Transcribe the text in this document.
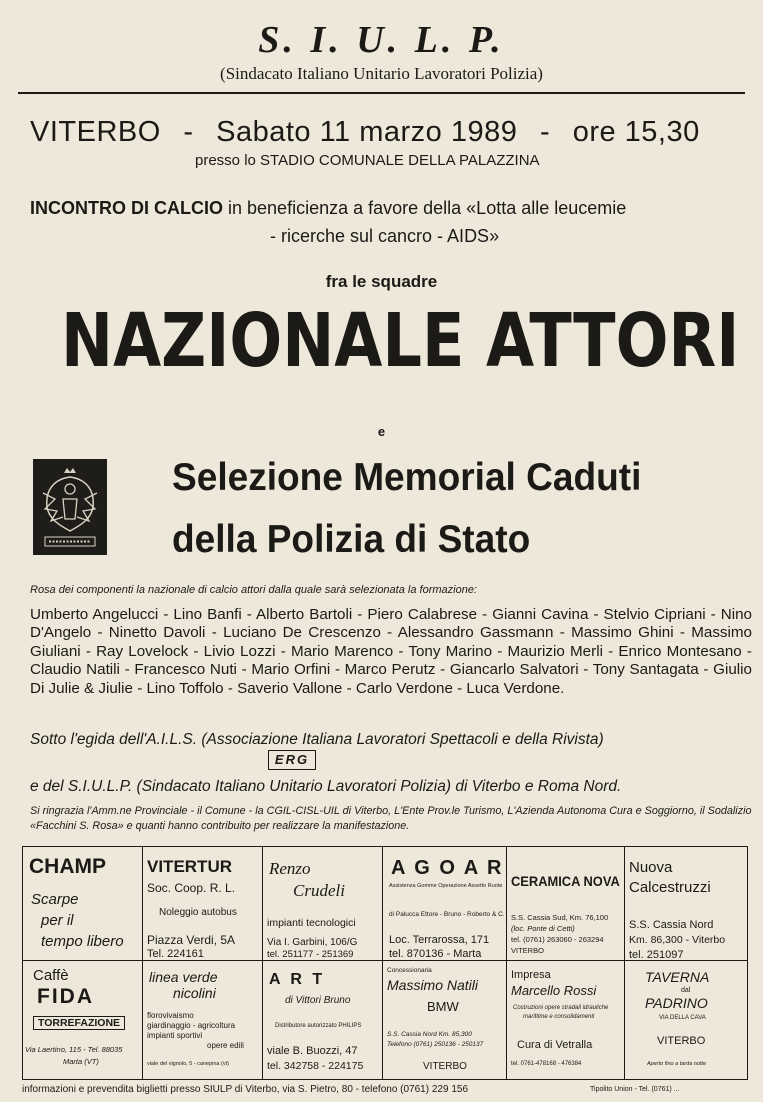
S. I. U. L. P.
(Sindacato Italiano Unitario Lavoratori Polizia)
VITERBO - Sabato 11 marzo 1989 - ore 15,30
presso lo STADIO COMUNALE DELLA PALAZZINA
INCONTRO DI CALCIO in beneficienza a favore della «Lotta alle leucemie
- ricerche sul cancro - AIDS»
fra le squadre
NAZIONALE ATTORI
e
Selezione Memorial Caduti
della Polizia di Stato
Rosa dei componenti la nazionale di calcio attori dalla quale sarà selezionata la formazione:
Umberto Angelucci - Lino Banfi - Alberto Bartoli - Piero Calabrese - Gianni Cavina - Stelvio Cipriani - Nino D'Angelo - Ninetto Davoli - Luciano De Crescenzo - Alessandro Gassmann - Massimo Ghini - Massimo Giuliani - Ray Lovelock - Livio Lozzi - Mario Marenco - Tony Marino - Maurizio Merli - Enrico Montesano - Claudio Natili - Francesco Nuti - Mario Orfini - Marco Perutz - Giancarlo Salvatori - Tony Santagata - Giulio Di Julie & Jiulie - Lino Toffolo - Saverio Vallone - Carlo Verdone - Luca Verdone.
Sotto l'egida dell'A.I.L.S. (Associazione Italiana Lavoratori Spettacoli e della Rivista)
ERG
e del S.I.U.L.P. (Sindacato Italiano Unitario Lavoratori Polizia) di Viterbo e Roma Nord.
Si ringrazia l'Amm.ne Provinciale - il Comune - la CGIL-CISL-UIL di Viterbo, L'Ente Prov.le Turismo, L'Azienda Autonoma Cura e Soggiorno, il Sodalizio «Facchini S. Rosa» e quanti hanno contribuito per realizzare la manifestazione.
CHAMP
Scarpe
per il
tempo libero
VITERTUR
Soc. Coop. R. L.
Noleggio autobus
Piazza Verdi, 5A
Tel. 224161
Renzo
Crudeli
impianti tecnologici
Via I. Garbini, 106/G
tel. 251177 - 251369
A G O A R
Assistenza Gomme Operazione Assetto Ruote
di Palucca Ettore - Bruno - Roberto & C.
Loc. Terrarossa, 171
tel. 870136 - Marta
CERAMICA NOVA
S.S. Cassia Sud, Km. 76,100
(loc. Ponte di Cetti)
tel. (0761) 263060 - 263294
VITERBO
Nuova
Calcestruzzi
S.S. Cassia Nord
Km. 86,300 - Viterbo
tel. 251097
Caffè
FIDA
TORREFAZIONE
Via Laertino, 115 - Tel. 88035
Marta (VT)
linea verde
nicolini
florovivaismo
giardinaggio - agricoltura
impianti sportivi
opere edili
viale del vignolo, 5 - canepina (vt)
A R T
di Vittori Bruno
Distributore autorizzato PHILIPS
viale B. Buozzi, 47
tel. 342758 - 224175
Concessionaria
Massimo Natili
BMW
S.S. Cassia Nord Km. 85,300
Telefono (0761) 250136 - 250137
VITERBO
Impresa
Marcello Rossi
Costruzioni opere stradali idrauliche
marittime e consolidamenti
Cura di Vetralla
tel. 0761-478168 - 476384
TAVERNA
dal
PADRINO
VIA DELLA CAVA
VITERBO
Aperto fino a tarda notte
informazioni e prevendita biglietti presso SIULP di Viterbo, via S. Pietro, 80 - telefono (0761) 229 156	Tipolito Union - Tel. (0761) ...
